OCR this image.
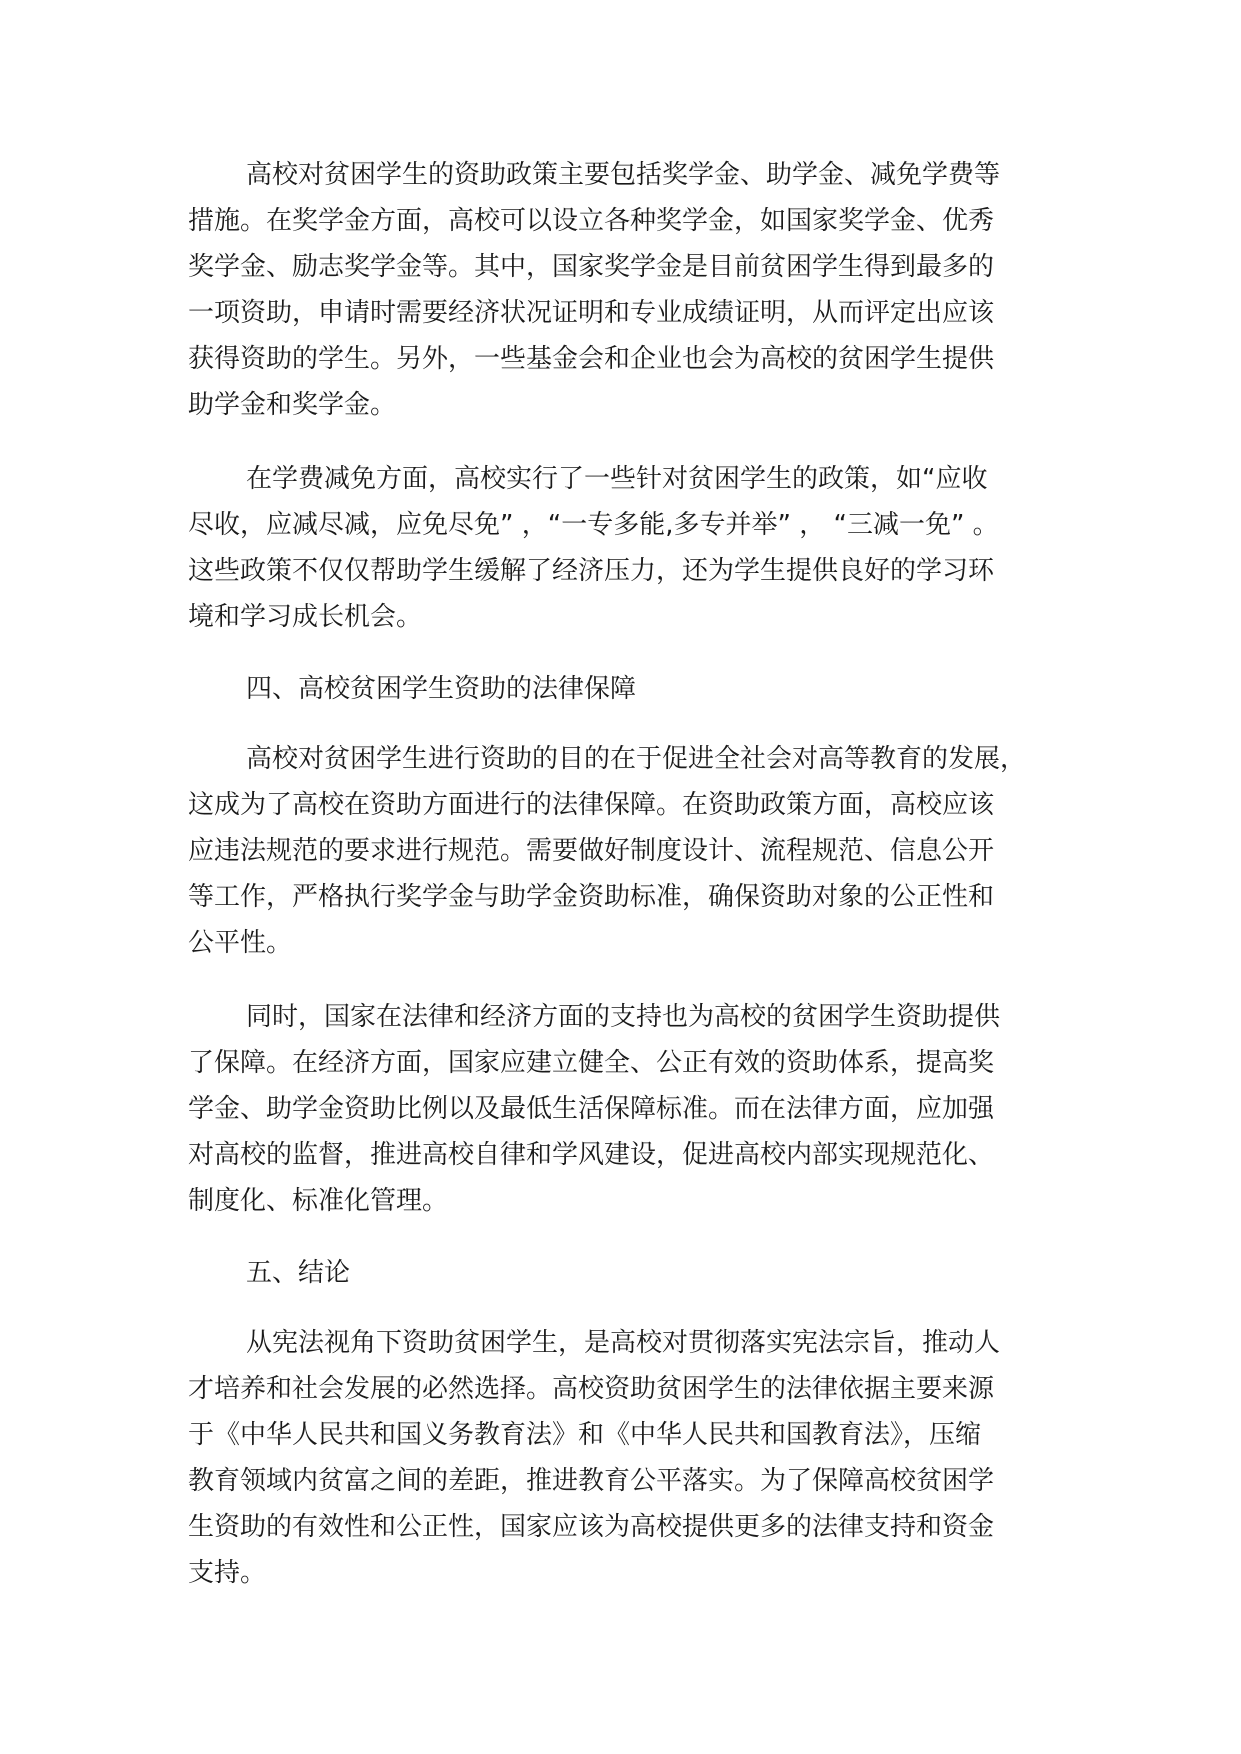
高校对贫困学生的资助政策主要包括奖学金、助学金、减免学费等
措施。在奖学金方面，高校可以设立各种奖学金，如国家奖学金、优秀
奖学金、励志奖学金等。其中，国家奖学金是目前贫困学生得到最多的
一项资助，申请时需要经济状况证明和专业成绩证明，从而评定出应该
获得资助的学生。另外，一些基金会和企业也会为高校的贫困学生提供
助学金和奖学金。
在学费减免方面，高校实行了一些针对贫困学生的政策，如“应收
尽收，应减尽减，应免尽免” ，“一专多能,多专并举” ， “三减一免” 。
这些政策不仅仅帮助学生缓解了经济压力，还为学生提供良好的学习环
境和学习成长机会。
四、高校贫困学生资助的法律保障
高校对贫困学生进行资助的目的在于促进全社会对高等教育的发展，
这成为了高校在资助方面进行的法律保障。在资助政策方面，高校应该
应违法规范的要求进行规范。需要做好制度设计、流程规范、信息公开
等工作，严格执行奖学金与助学金资助标准，确保资助对象的公正性和
公平性。
同时，国家在法律和经济方面的支持也为高校的贫困学生资助提供
了保障。在经济方面，国家应建立健全、公正有效的资助体系，提高奖
学金、助学金资助比例以及最低生活保障标准。而在法律方面，应加强
对高校的监督，推进高校自律和学风建设，促进高校内部实现规范化、
制度化、标准化管理。
五、结论
从宪法视角下资助贫困学生，是高校对贯彻落实宪法宗旨，推动人
才培养和社会发展的必然选择。高校资助贫困学生的法律依据主要来源
于《中华人民共和国义务教育法》和《中华人民共和国教育法》，压缩
教育领域内贫富之间的差距，推进教育公平落实。为了保障高校贫困学
生资助的有效性和公正性，国家应该为高校提供更多的法律支持和资金
支持。
